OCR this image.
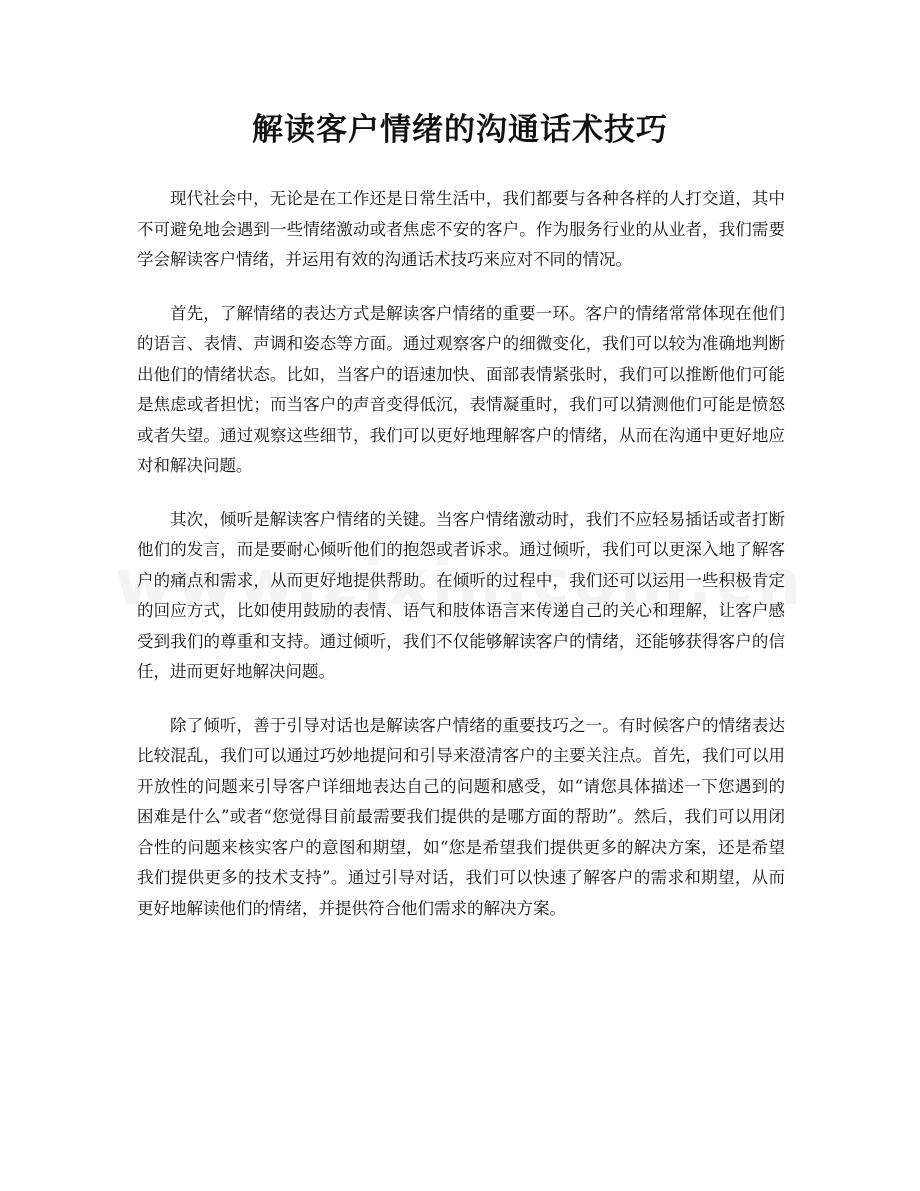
解读客户情绪的沟通话术技巧

现代社会中，无论是在工作还是日常生活中，我们都要与各种各样的人打交道，其中不可避免地会遇到一些情绪激动或者焦虑不安的客户。作为服务行业的从业者，我们需要学会解读客户情绪，并运用有效的沟通话术技巧来应对不同的情况。

首先，了解情绪的表达方式是解读客户情绪的重要一环。客户的情绪常常体现在他们的语言、表情、声调和姿态等方面。通过观察客户的细微变化，我们可以较为准确地判断出他们的情绪状态。比如，当客户的语速加快、面部表情紧张时，我们可以推断他们可能是焦虑或者担忧；而当客户的声音变得低沉，表情凝重时，我们可以猜测他们可能是愤怒或者失望。通过观察这些细节，我们可以更好地理解客户的情绪，从而在沟通中更好地应对和解决问题。

其次，倾听是解读客户情绪的关键。当客户情绪激动时，我们不应轻易插话或者打断他们的发言，而是要耐心倾听他们的抱怨或者诉求。通过倾听，我们可以更深入地了解客户的痛点和需求，从而更好地提供帮助。在倾听的过程中，我们还可以运用一些积极肯定的回应方式，比如使用鼓励的表情、语气和肢体语言来传递自己的关心和理解，让客户感受到我们的尊重和支持。通过倾听，我们不仅能够解读客户的情绪，还能够获得客户的信任，进而更好地解决问题。

除了倾听，善于引导对话也是解读客户情绪的重要技巧之一。有时候客户的情绪表达比较混乱，我们可以通过巧妙地提问和引导来澄清客户的主要关注点。首先，我们可以用开放性的问题来引导客户详细地表达自己的问题和感受，如“请您具体描述一下您遇到的困难是什么”或者“您觉得目前最需要我们提供的是哪方面的帮助”。然后，我们可以用闭合性的问题来核实客户的意图和期望，如“您是希望我们提供更多的解决方案，还是希望我们提供更多的技术支持”。通过引导对话，我们可以快速了解客户的需求和期望，从而更好地解读他们的情绪，并提供符合他们需求的解决方案。
